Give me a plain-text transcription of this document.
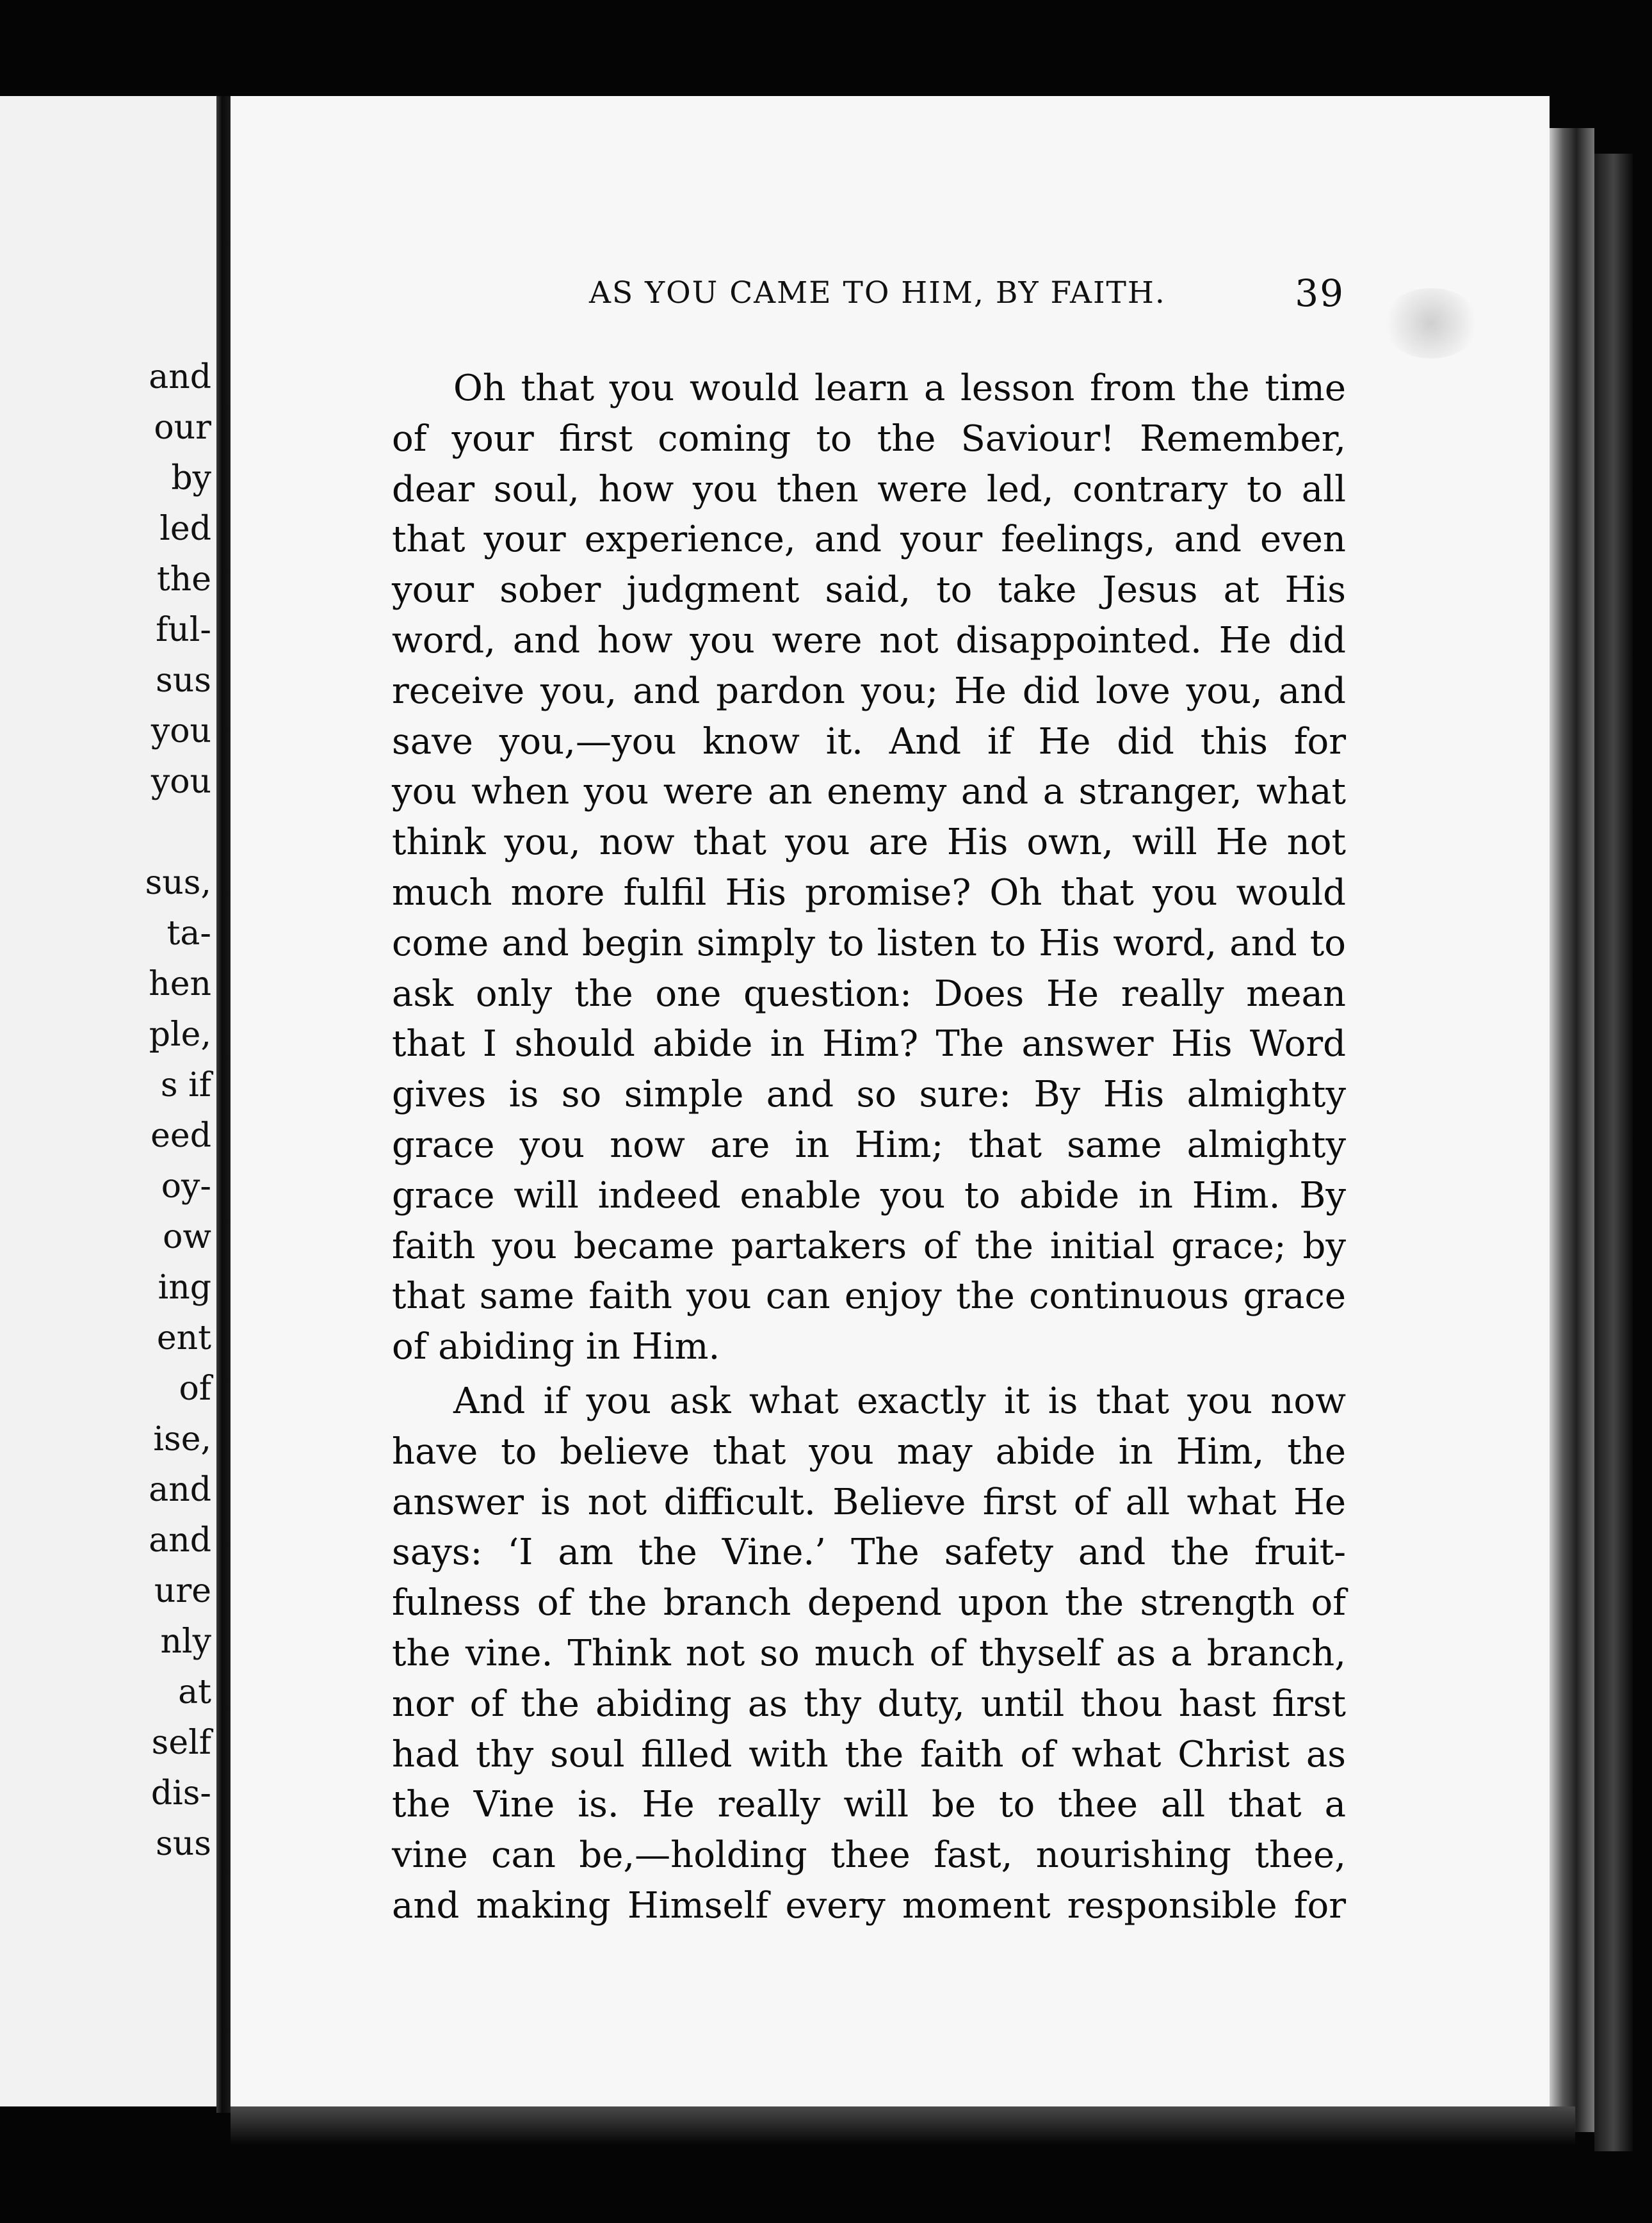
and
our
by
led
the
ful-
sus
you
you
sus,
ta-
hen
ple,
s if
eed
oy-
ow
ing
ent
of
ise,
and
and
ure
nly
at
self
dis-
sus
AS YOU CAME TO HIM, BY FAITH.	39
Oh that you would learn a lesson from the time
of your first coming to the Saviour! Remember,
dear soul, how you then were led, contrary to all
that your experience, and your feelings, and even
your sober judgment said, to take Jesus at His
word, and how you were not disappointed. He did
receive you, and pardon you; He did love you, and
save you,—you know it. And if He did this for
you when you were an enemy and a stranger, what
think you, now that you are His own, will He not
much more fulfil His promise? Oh that you would
come and begin simply to listen to His word, and to
ask only the one question: Does He really mean
that I should abide in Him? The answer His Word
gives is so simple and so sure: By His almighty
grace you now are in Him; that same almighty
grace will indeed enable you to abide in Him. By
faith you became partakers of the initial grace; by
that same faith you can enjoy the continuous grace
of abiding in Him.
And if you ask what exactly it is that you now
have to believe that you may abide in Him, the
answer is not difficult. Believe first of all what He
says: ‘I am the Vine.’ The safety and the fruit-
fulness of the branch depend upon the strength of
the vine. Think not so much of thyself as a branch,
nor of the abiding as thy duty, until thou hast first
had thy soul filled with the faith of what Christ as
the Vine is. He really will be to thee all that a
vine can be,—holding thee fast, nourishing thee,
and making Himself every moment responsible for
